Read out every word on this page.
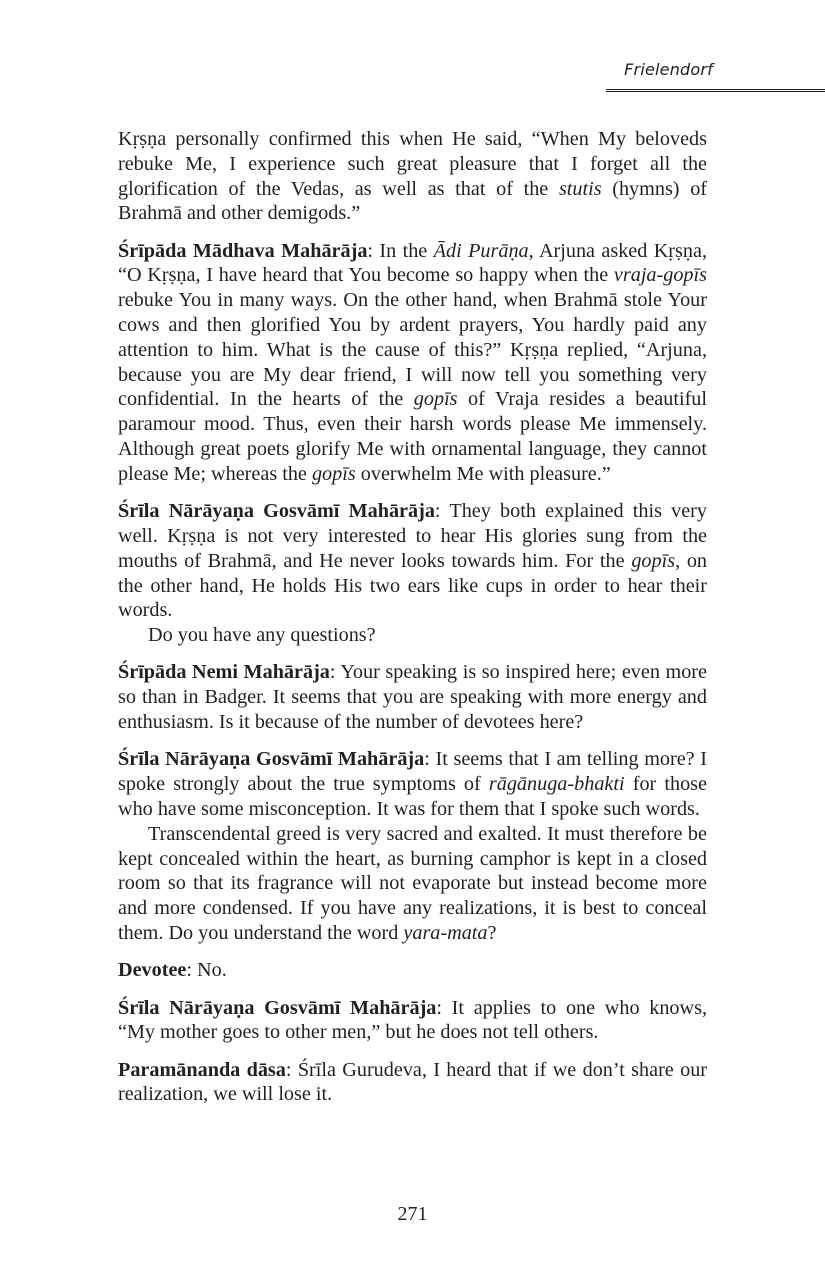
Frielendorf

Kṛṣṇa personally confirmed this when He said, “When My beloveds rebuke Me, I experience such great pleasure that I forget all the glorification of the Vedas, as well as that of the stutis (hymns) of Brahmā and other demigods.”

Śrīpāda Mādhava Mahārāja: In the Ādi Purāṇa, Arjuna asked Kṛṣṇa, “O Kṛṣṇa, I have heard that You become so happy when the vraja-gopīs rebuke You in many ways. On the other hand, when Brahmā stole Your cows and then glorified You by ardent prayers, You hardly paid any attention to him. What is the cause of this?” Kṛṣṇa replied, “Arjuna, because you are My dear friend, I will now tell you something very confidential. In the hearts of the gopīs of Vraja resides a beautiful paramour mood. Thus, even their harsh words please Me immensely. Although great poets glorify Me with ornamental language, they cannot please Me; whereas the gopīs overwhelm Me with pleasure.”

Śrīla Nārāyaṇa Gosvāmī Mahārāja: They both explained this very well. Kṛṣṇa is not very interested to hear His glories sung from the mouths of Brahmā, and He never looks towards him. For the gopīs, on the other hand, He holds His two ears like cups in order to hear their words.

Do you have any questions?

Śrīpāda Nemi Mahārāja: Your speaking is so inspired here; even more so than in Badger. It seems that you are speaking with more energy and enthusiasm. Is it because of the number of devotees here?

Śrīla Nārāyaṇa Gosvāmī Mahārāja: It seems that I am telling more? I spoke strongly about the true symptoms of rāgānuga-bhakti for those who have some misconception. It was for them that I spoke such words.

Transcendental greed is very sacred and exalted. It must therefore be kept concealed within the heart, as burning camphor is kept in a closed room so that its fragrance will not evaporate but instead become more and more condensed. If you have any realizations, it is best to conceal them. Do you understand the word yara-mata?

Devotee: No.

Śrīla Nārāyaṇa Gosvāmī Mahārāja: It applies to one who knows, “My mother goes to other men,” but he does not tell others.

Paramānanda dāsa: Śrīla Gurudeva, I heard that if we don’t share our realization, we will lose it.

271
